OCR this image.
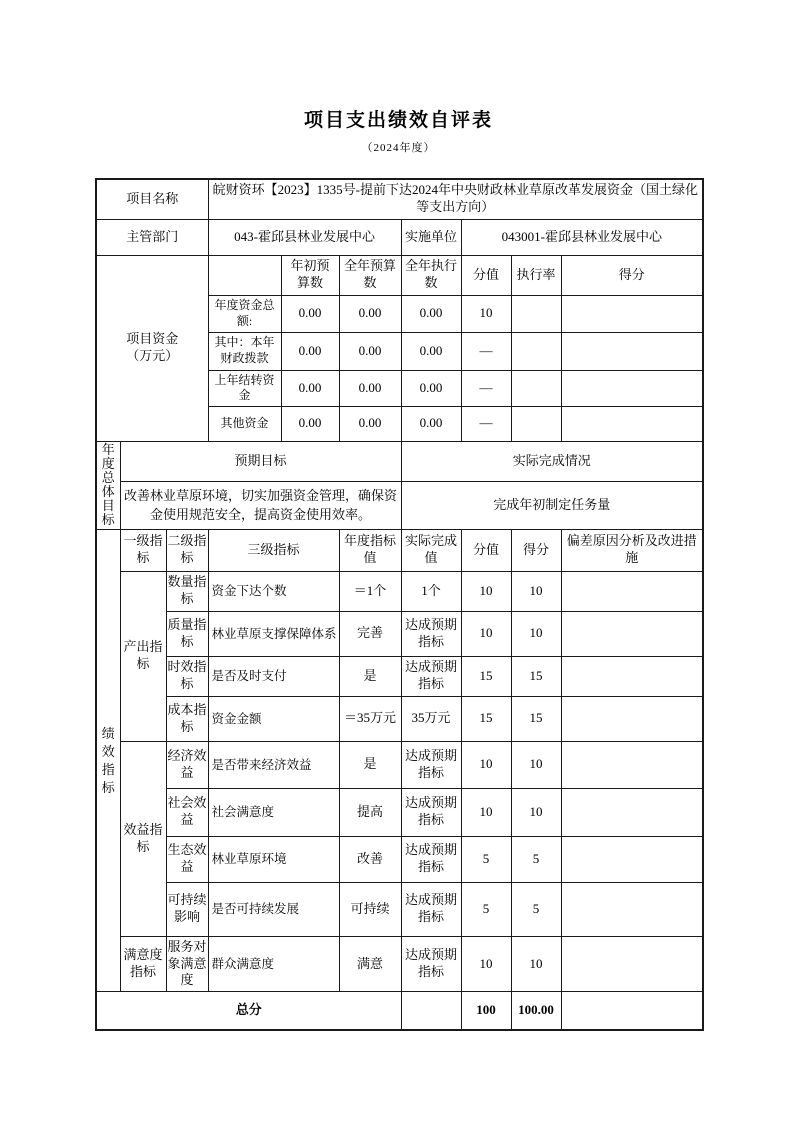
项目支出绩效自评表
（2024年度）
项目名称			皖财资环【2023】1335号-提前下达2024年中央财政林业草原改革发展资金（国土绿化等支出方向）						
主管部门			043-霍邱县林业发展中心			实施单位	043001-霍邱县林业发展中心		

项目资金（万元）				年初预算数	全年预算数	全年执行数	分值	执行率	得分
			年度资金总额:	0.00	0.00	0.00	10		
			其中：本年财政拨款	0.00	0.00	0.00	—		
			上年结转资金	0.00	0.00	0.00	—		
			其他资金	0.00	0.00	0.00	—		

年度总体目标	预期目标					实际完成情况			

	改善林业草原环境，切实加强资金管理，确保资金使用规范安全，提高资金使用效率。					完成年初制定任务量			

绩效指标	一级指标	二级指标	三级指标		年度指标值	实际完成值	分值	得分	偏差原因分析及改进措施
	产出指标	数量指标	资金下达个数		＝1个	1个	10	10	
		质量指标	林业草原支撑保障体系		完善	达成预期指标	10	10	
		时效指标	是否及时支付		是	达成预期指标	15	15	
		成本指标	资金金额		＝35万元	35万元	15	15	
	效益指标	经济效益	是否带来经济效益		是	达成预期指标	10	10	
		社会效益	社会满意度		提高	达成预期指标	10	10	
		生态效益	林业草原环境		改善	达成预期指标	5	5	
		可持续影响	是否可持续发展		可持续	达成预期指标	5	5	
	满意度指标	服务对象满意度	群众满意度		满意	达成预期指标	10	10	
总分							100	100.00	
